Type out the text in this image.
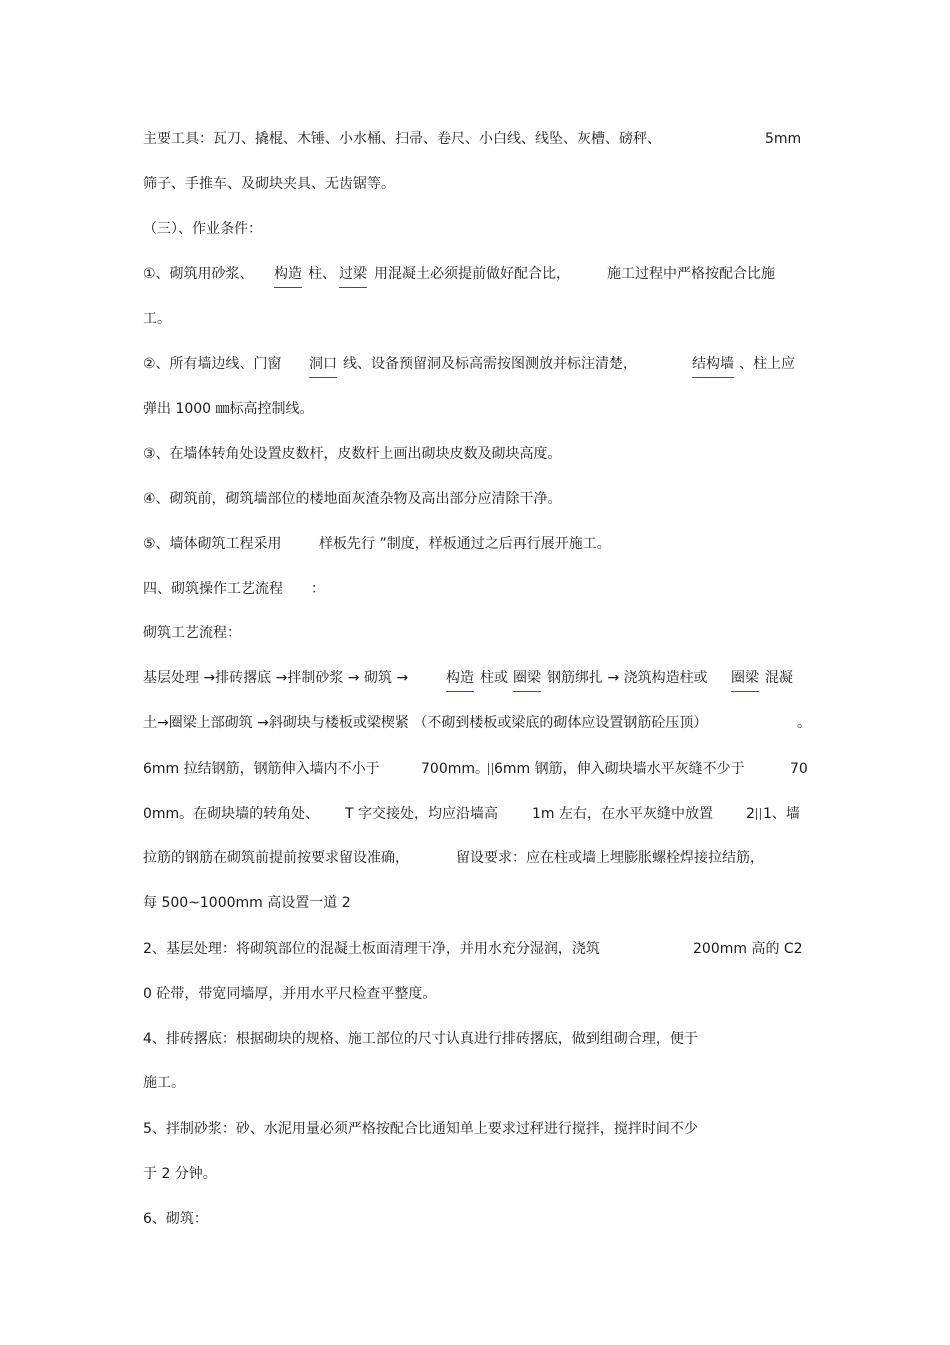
主要工具：瓦刀、撬棍、木锤、小水桶、扫帚、卷尺、小白线、线坠、灰槽、磅秤、	5mm
筛子、手推车、及砌块夹具、无齿锯等。
（三）、作业条件：
①、砌筑用砂浆、 构造 柱、 过梁 用混凝土必须提前做好配合比，	施工过程中严格按配合比施
工。
②、所有墙边线、门窗 洞口 线、设备预留洞及标高需按图测放并标注清楚，	结构墙 、柱上应
弹出 1000 ㎜标高控制线。
③、在墙体转角处设置皮数杆，皮数杆上画出砌块皮数及砌块高度。
④、砌筑前，砌筑墙部位的楼地面灰渣杂物及高出部分应清除干净。
⑤、墙体砌筑工程采用	样板先行 ”制度，样板通过之后再行展开施工。
四、砌筑操作工艺流程 ：
砌筑工艺流程：
基层处理 →排砖撂底 →拌制砂浆 → 砌筑 →	构造 柱或 圈梁 钢筋绑扎 → 浇筑构造柱或 圈梁 混凝
土→圈梁上部砌筑 →斜砌块与楼板或梁楔紧 （不砌到楼板或梁底的砌体应设置钢筋砼压顶）	。
6mm 拉结钢筋，钢筋伸入墙内不小于	700mm。 6mm 钢筋，伸入砌块墙水平灰缝不少于	70
0mm。在砌块墙的转角处、 T 字交接处，均应沿墙高 1m 左右，在水平灰缝中放置 2 1、墙
拉筋的钢筋在砌筑前提前按要求留设准确，	留设要求：应在柱或墙上埋膨胀螺栓焊接拉结筋，
每 500~1000mm 高设置一道 2
2、基层处理：将砌筑部位的混凝土板面清理干净，并用水充分湿润，浇筑	200mm 高的 C2
0 砼带，带宽同墙厚，并用水平尺检查平整度。
4、排砖撂底：根据砌块的规格、施工部位的尺寸认真进行排砖撂底，做到组砌合理，便于
施工。
5、拌制砂浆：砂、水泥用量必须严格按配合比通知单上要求过秤进行搅拌，搅拌时间不少
于 2 分钟。
6、砌筑：
